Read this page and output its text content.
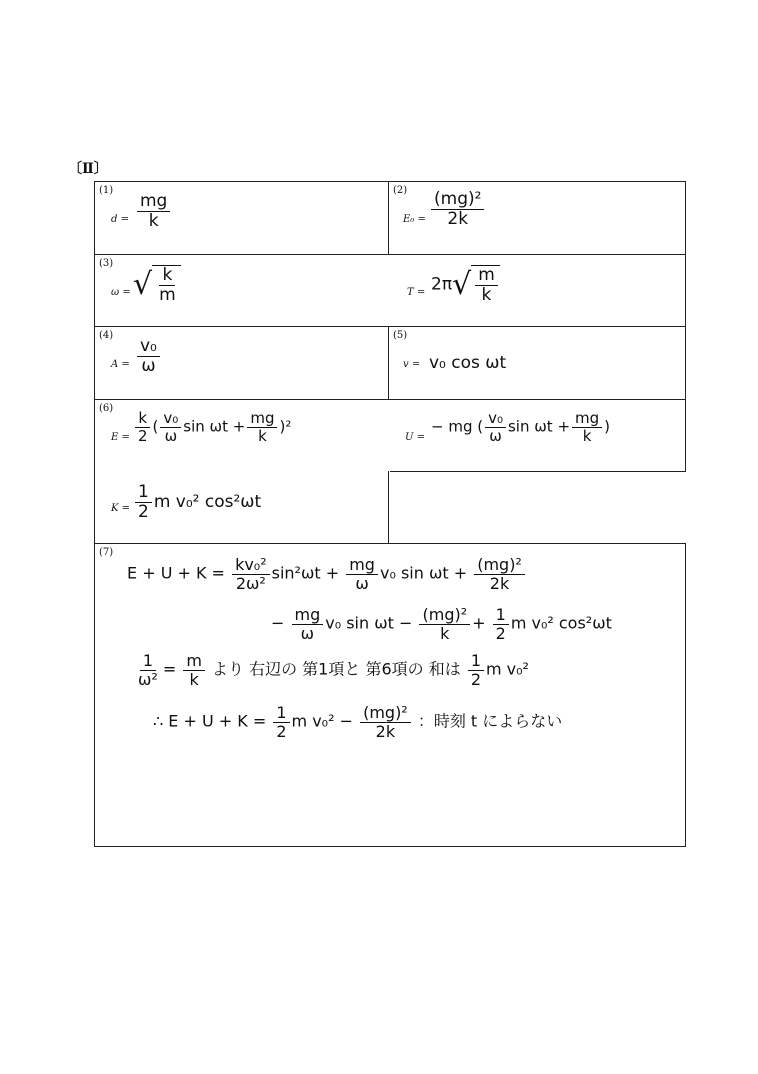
〔Ⅱ〕
(1)
$d = \frac{mg}{k}$
(2)
$E_0 = \frac{\text{(mg)²}}{2k}$
(3)
ω = √ $\frac{k}{m}$	T = 2π √ $\frac{m}{k}$
(4)
$A = \frac{\text{v₀}}{\omega}$
(5)
v = v₀ cos ωt
(6)
$E = \frac{k}{2}$ ( $\frac{\text{v₀}}{\omega}$ $\sin \omega t + \frac{mg}{k} )^2$
U =
− mg ( $\frac{\text{v₀}}{\omega}$ $\sin \omega t + \frac{mg}{k}$ )
$K = \frac{1}{2}$ m v₀² cos²ωt
(7)
$E + U + K = \frac{\text{kv₀²}}{\text{2ω²}} \sin^2\omega t + \frac{mg}{\omega} v_0$ $\sin \omega t + \frac{\text{(mg)²}}{2k}$
− $\frac{mg}{\omega} v_0$ $\sin \omega t - \frac{\text{(mg)²}}{k} + \frac{1}{2}$ m v₀² cos²ωt
$\frac{1}{\text{ω²}} = \frac{m}{k}$ より 右辺の 第1項と 第6項の 和は $\frac{1}{2}$ m v₀²
∴ $E + U + K = \frac{1}{2}$ m $v_0^2 - \frac{\text{(mg)²}}{2k}$ ：時刻 t によらない
